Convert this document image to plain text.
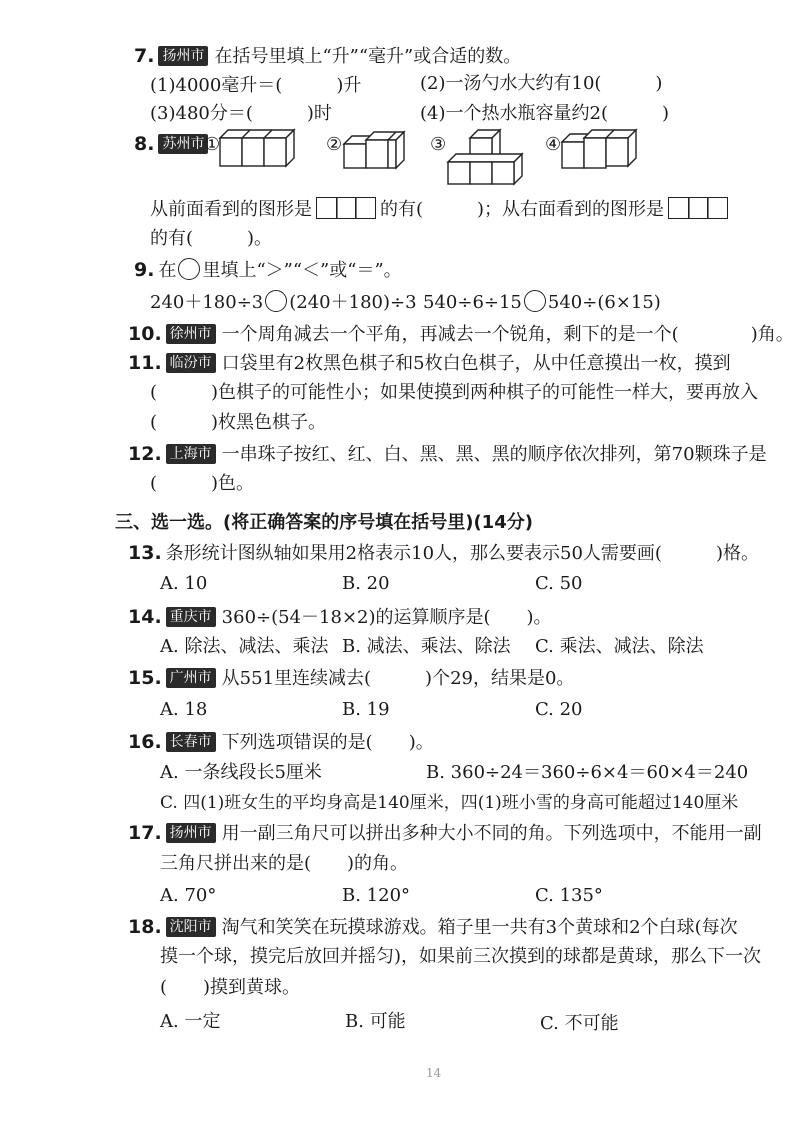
7. 扬州市 在括号里填上“升”“毫升”或合适的数。
(1)4000毫升＝(　　　)升	(2)一汤勺水大约有10(　　　)
(3)480分＝(　　　)时	(4)一个热水瓶容量约2(　　　)
8. 苏州市 ①	②	③	④
从前面看到的图形是	的有(　　　)；从右面看到的图形是
的有(　　　)。
9. 在 里填上“＞”“＜”或“＝”。
240＋180÷3 (240＋180)÷3 540÷6÷15 540÷(6×15)
10. 徐州市 一个周角减去一个平角，再减去一个锐角，剩下的是一个(　　　　)角。
11. 临汾市 口袋里有2枚黑色棋子和5枚白色棋子，从中任意摸出一枚，摸到
(　　　)色棋子的可能性小；如果使摸到两种棋子的可能性一样大，要再放入
(　　　)枚黑色棋子。
12. 上海市 一串珠子按红、红、白、黑、黑、黑的顺序依次排列，第70颗珠子是
(　　　)色。
三、选一选。(将正确答案的序号填在括号里)(14分)
13. 条形统计图纵轴如果用2格表示10人，那么要表示50人需要画(　　　)格。
A. 10	B. 20	C. 50
14. 重庆市 360÷(54－18×2)的运算顺序是(　　)。
A. 除法、减法、乘法 B. 减法、乘法、除法 C. 乘法、减法、除法
15. 广州市 从551里连续减去(　　　)个29，结果是0。
A. 18	B. 19	C. 20
16. 长春市 下列选项错误的是(　　)。
A. 一条线段长5厘米	B. 360÷24＝360÷6×4＝60×4＝240
C. 四(1)班女生的平均身高是140厘米，四(1)班小雪的身高可能超过140厘米
17. 扬州市 用一副三角尺可以拼出多种大小不同的角。下列选项中，不能用一副
三角尺拼出来的是(　　)的角。
A. 70°	B. 120°	C. 135°
18. 沈阳市 淘气和笑笑在玩摸球游戏。箱子里一共有3个黄球和2个白球(每次
摸一个球，摸完后放回并摇匀)，如果前三次摸到的球都是黄球，那么下一次
(　　)摸到黄球。
A. 一定	B. 可能	C. 不可能
14
